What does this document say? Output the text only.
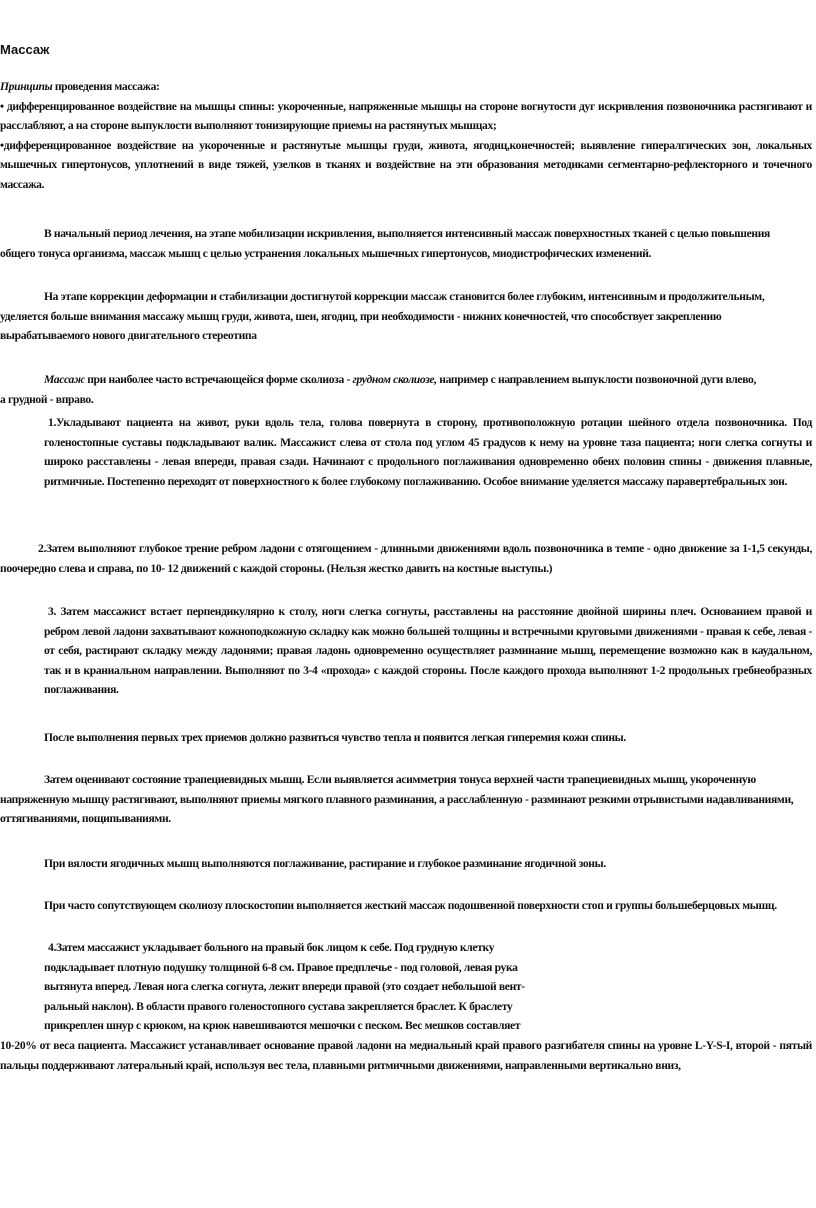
Массаж

Принципы проведения массажа:
• дифференцированное воздействие на мышцы спины: укороченные, напряженные мышцы на стороне вогнутости дуг искривления позвоночника растягивают и расслабляют, а на стороне выпуклости выполняют тонизирующие приемы на растянутых мышцах;
•дифференцированное воздействие на укороченные и растянутые мышцы груди, живота, ягодиц,конечностей; выявление гипералгических зон, локальных мышечных гипертонусов, уплотнений в виде тяжей, узелков в тканях и воздействие на эти образования методиками сегментарно-рефлекторного и точечного массажа.

В начальный период лечения, на этапе мобилизации искривления, выполняется интенсивный массаж поверхностных тканей с целью повышения общего тонуса организма, массаж мышц с целью устранения локальных мышечных гипертонусов, миодистрофических изменений.

На этапе коррекции деформации и стабилизации достигнутой коррекции массаж становится более глубоким, интенсивным и продолжительным, уделяется больше внимания массажу мышц груди, живота, шеи, ягодиц, при необходимости - нижних конечностей, что способствует закреплению вырабатываемого нового двигательного стереотипа

Массаж при наиболее часто встречающейся форме сколиоза - грудном сколиозе, например с направлением выпуклости позвоночной дуги влево, а грудной - вправо.

1.Укладывают пациента на живот, руки вдоль тела, голова повернута в сторону, противоположную ротации шейного отдела позвоночника. Под голеностопные суставы подкладывают валик. Массажист слева от стола под углом 45 градусов к нему на уровне таза пациента; ноги слегка согнуты и широко расставлены - левая впереди, правая сзади. Начинают с продольного поглаживания одновременно обеих половин спины - движения плавные, ритмичные. Постепенно переходят от поверхностного к более глубокому поглаживанию. Особое внимание уделяется массажу паравертебральных зон.

2.Затем выполняют глубокое трение ребром ладони с отягощением - длинными движениями вдоль позвоночника в темпе - одно движение за 1-1,5 секунды, поочередно слева и справа, по 10- 12 движений с каждой стороны. (Нельзя жестко давить на костные выступы.)

3. Затем массажист встает перпендикулярно к столу, ноги слегка согнуты, расставлены на расстояние двойной ширины плеч. Основанием правой и ребром левой ладони захватывают кожноподкожную складку как можно большей толщины и встречными круговыми движениями - правая к себе, левая - от себя, растирают складку между ладонями; правая ладонь одновременно осуществляет разминание мышц, перемещение возможно как в каудальном, так и в краниальном направлении. Выполняют по 3-4 «прохода» с каждой стороны. После каждого прохода выполняют 1-2 продольных гребнеобразных поглаживания.

После выполнения первых трех приемов должно развиться чувство тепла и появится легкая гиперемия кожи спины.

Затем оценивают состояние трапециевидных мышц. Если выявляется асимметрия тонуса верхней части трапециевидных мышц, укороченную напряженную мышцу растягивают, выполняют приемы мягкого плавного разминания, а расслабленную - разминают резкими отрывистыми надавливаниями, оттягиваниями, пощипываниями.

При вялости ягодичных мышц выполняются поглаживание, растирание и глубокое разминание ягодичной зоны.

При часто сопутствующем сколиозу плоскостопии выполняется жесткий массаж подошвенной поверхности стоп и группы большеберцовых мышц.

4.Затем массажист укладывает больного на правый бок лицом к себе. Под грудную клетку
подкладывает плотную подушку толщиной 6-8 см. Правое предплечье - под головой, левая рука
вытянута вперед. Левая нога слегка согнута, лежит впереди правой (это создает небольшой вент-
ральный наклон). В области правого голеностопного сустава закрепляется браслет. К браслету
прикреплен шнур с крюком, на крюк навешиваются мешочки с песком. Вес мешков составляет

10-20% от веса пациента. Массажист устанавливает основание правой ладони на медиальный край правого разгибателя спины на уровне L-Y-S-I, второй - пятый пальцы поддерживают латеральный край, используя вес тела, плавными ритмичными движениями, направленными вертикально вниз,
